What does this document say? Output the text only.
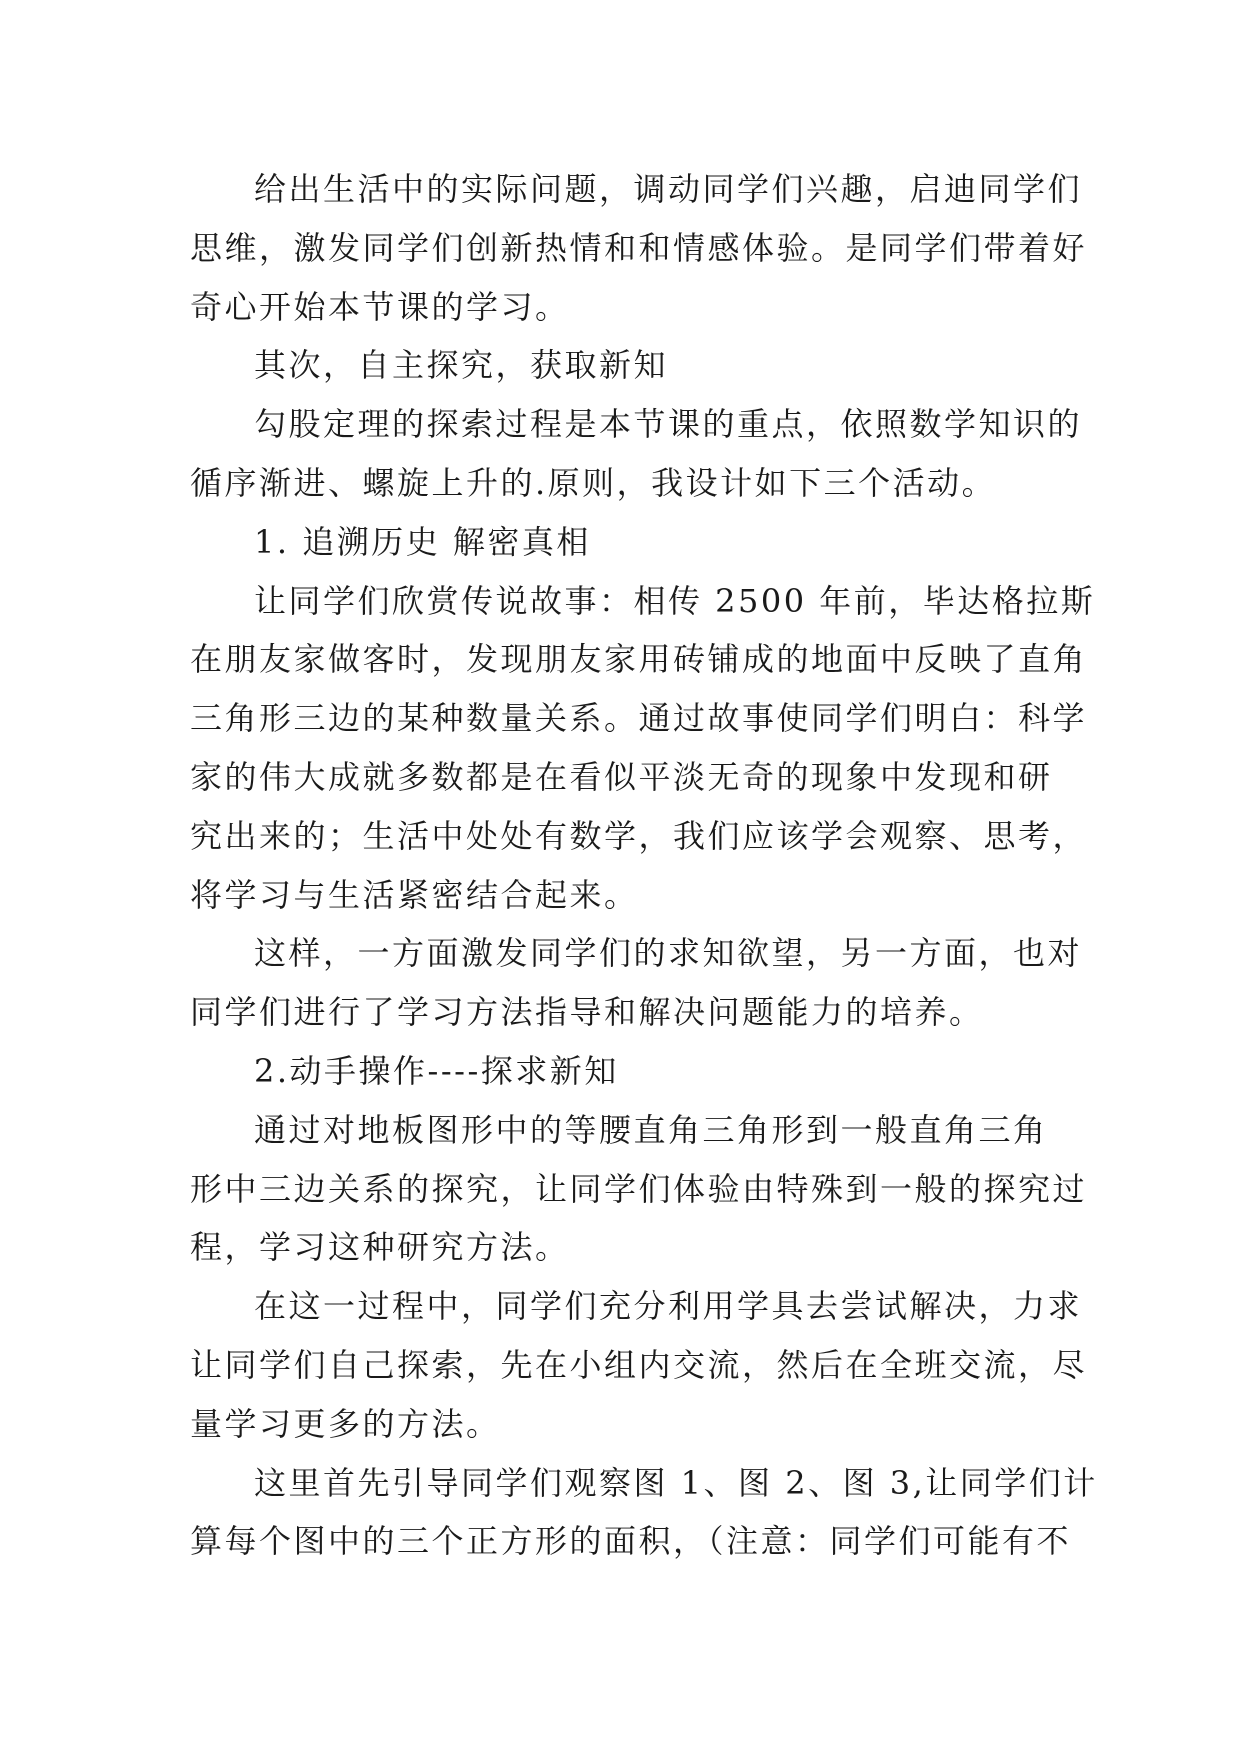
给出生活中的实际问题，调动同学们兴趣，启迪同学们
思维，激发同学们创新热情和和情感体验。是同学们带着好
奇心开始本节课的学习。
其次，自主探究，获取新知
勾股定理的探索过程是本节课的重点，依照数学知识的
循序渐进、螺旋上升的.原则，我设计如下三个活动。
1. 追溯历史 解密真相
让同学们欣赏传说故事：相传 2500 年前，毕达格拉斯
在朋友家做客时，发现朋友家用砖铺成的地面中反映了直角
三角形三边的某种数量关系。通过故事使同学们明白：科学
家的伟大成就多数都是在看似平淡无奇的现象中发现和研
究出来的；生活中处处有数学，我们应该学会观察、思考，
将学习与生活紧密结合起来。
这样，一方面激发同学们的求知欲望，另一方面，也对
同学们进行了学习方法指导和解决问题能力的培养。
2.动手操作----探求新知
通过对地板图形中的等腰直角三角形到一般直角三角
形中三边关系的探究，让同学们体验由特殊到一般的探究过
程，学习这种研究方法。
在这一过程中，同学们充分利用学具去尝试解决，力求
让同学们自己探索，先在小组内交流，然后在全班交流，尽
量学习更多的方法。
这里首先引导同学们观察图 1、图 2、图 3,让同学们计
算每个图中的三个正方形的面积，（注意：同学们可能有不
